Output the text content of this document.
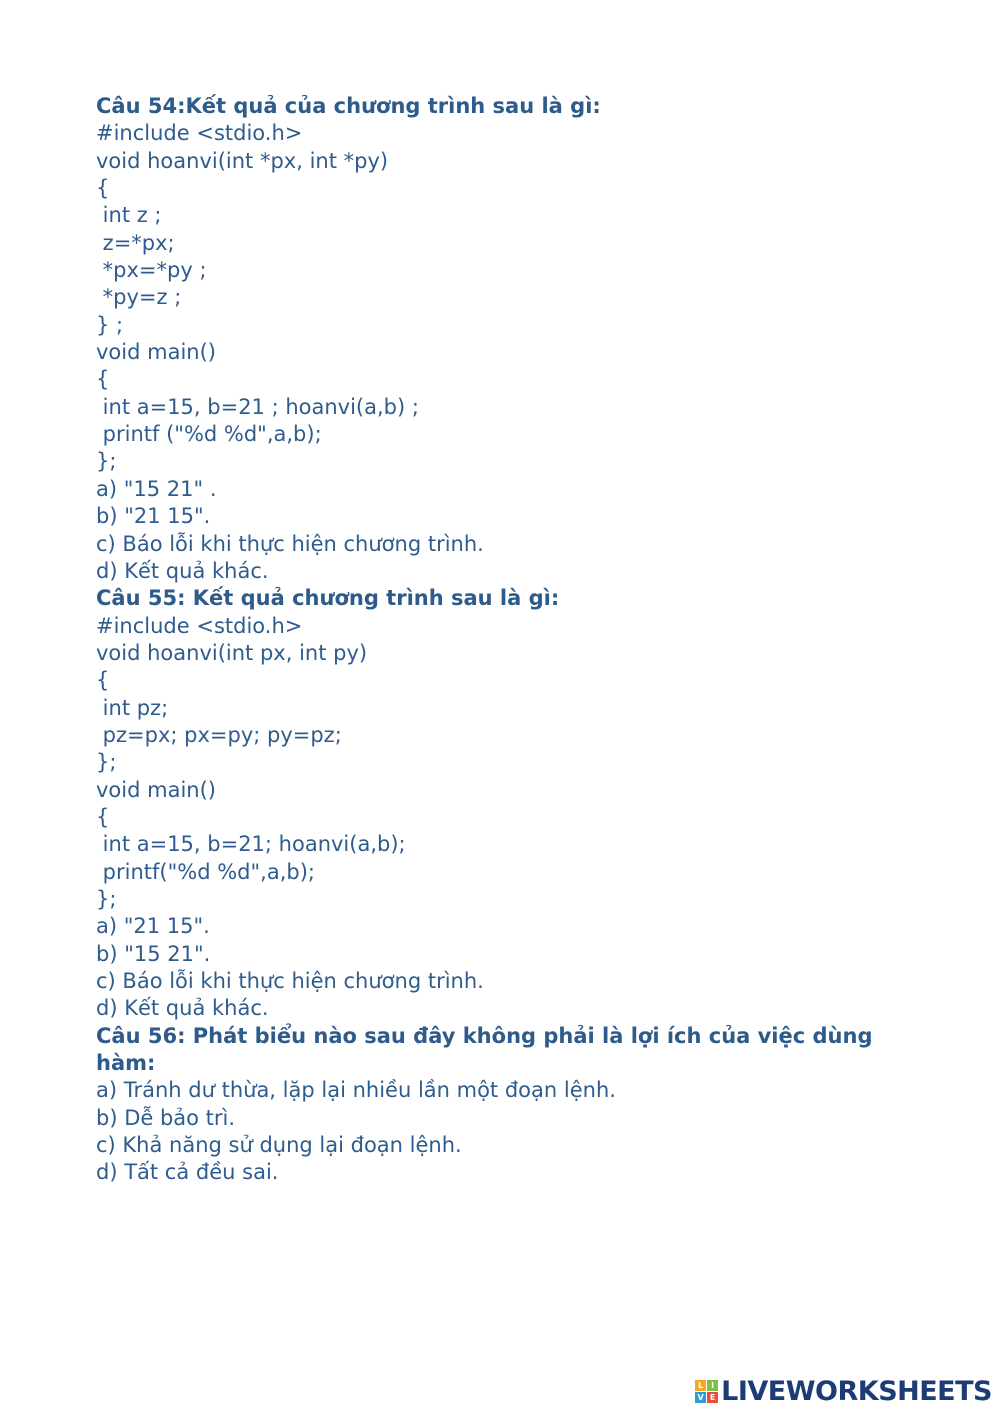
Câu 54:Kết quả của chương trình sau là gì:
#include <stdio.h>
void hoanvi(int *px, int *py)
{
int z ;
z=*px;
*px=*py ;
*py=z ;
} ;
void main()
{
int a=15, b=21 ; hoanvi(a,b) ;
printf ("%d %d",a,b);
};
a) "15 21" .
b) "21 15".
c) Báo lỗi khi thực hiện chương trình.
d) Kết quả khác.
Câu 55: Kết quả chương trình sau là gì:
#include <stdio.h>
void hoanvi(int px, int py)
{
int pz;
pz=px; px=py; py=pz;
};
void main()
{
int a=15, b=21; hoanvi(a,b);
printf("%d %d",a,b);
};
a) "21 15".
b) "15 21".
c) Báo lỗi khi thực hiện chương trình.
d) Kết quả khác.
Câu 56: Phát biểu nào sau đây không phải là lợi ích của việc dùng hàm:
a) Tránh dư thừa, lặp lại nhiều lần một đoạn lệnh.
b) Dễ bảo trì.
c) Khả năng sử dụng lại đoạn lệnh.
d) Tất cả đều sai.
L I
V E LIVEWORKSHEETS
